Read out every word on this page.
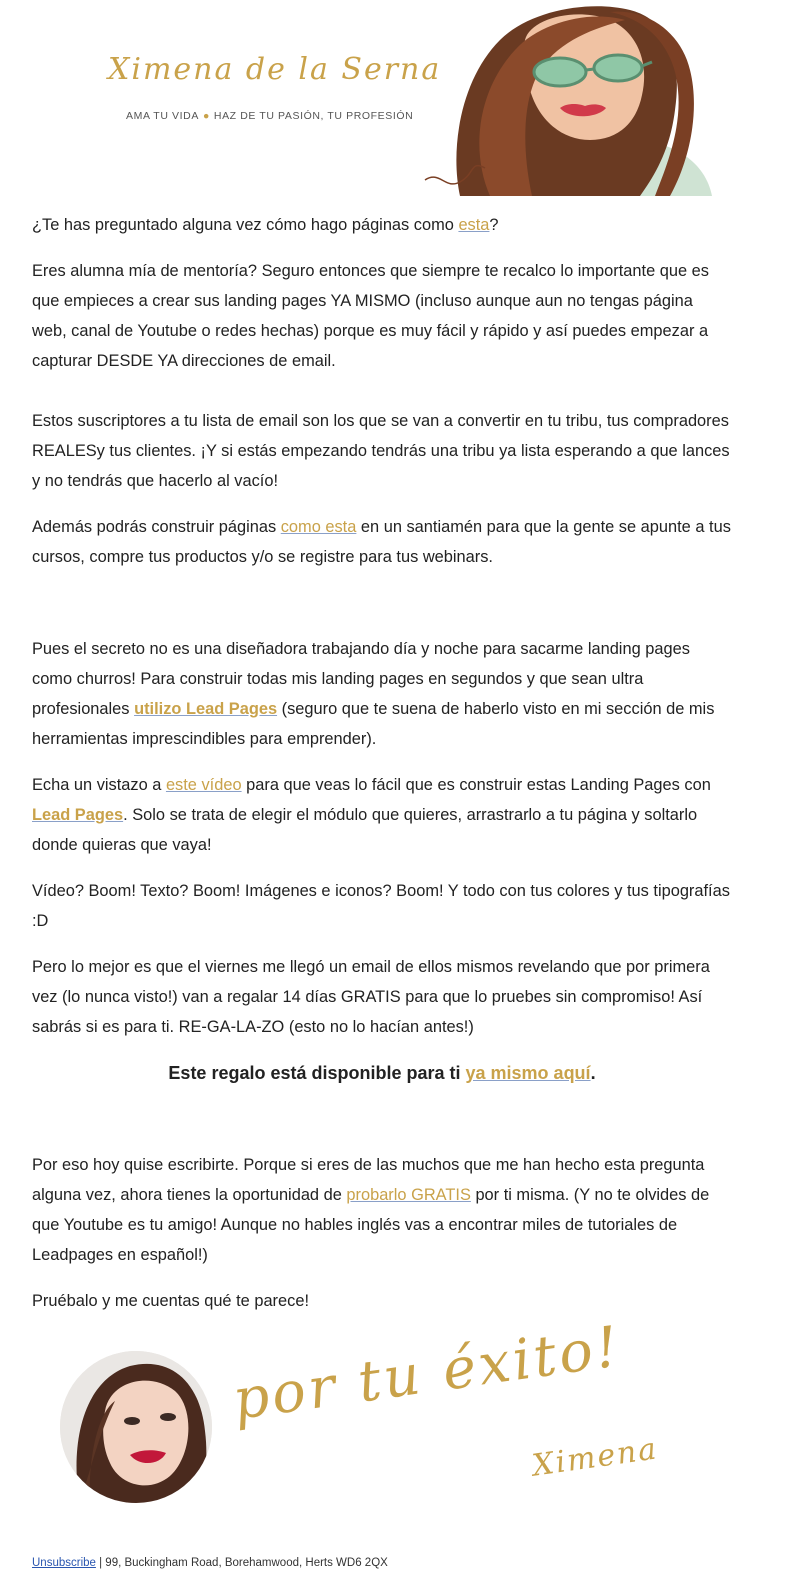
Ximena de la Serna
AMA TU VIDA ● HAZ DE TU PASIÓN, TU PROFESIÓN

¿Te has preguntado alguna vez cómo hago páginas como esta?

Eres alumna mía de mentoría? Seguro entonces que siempre te recalco lo importante que es que empieces a crear sus landing pages YA MISMO (incluso aunque aun no tengas página web, canal de Youtube o redes hechas) porque es muy fácil y rápido y así puedes empezar a capturar DESDE YA direcciones de email.

Estos suscriptores a tu lista de email son los que se van a convertir en tu tribu, tus compradores REALESy tus clientes. ¡Y si estás empezando tendrás una tribu ya lista esperando a que lances y no tendrás que hacerlo al vacío!

Además podrás construir páginas como esta en un santiamén para que la gente se apunte a tus cursos, compre tus productos y/o se registre para tus webinars.

Pues el secreto no es una diseñadora trabajando día y noche para sacarme landing pages como churros! Para construir todas mis landing pages en segundos y que sean ultra profesionales utilizo Lead Pages (seguro que te suena de haberlo visto en mi sección de mis herramientas imprescindibles para emprender).

Echa un vistazo a este vídeo para que veas lo fácil que es construir estas Landing Pages con Lead Pages. Solo se trata de elegir el módulo que quieres, arrastrarlo a tu página y soltarlo donde quieras que vaya!

Vídeo? Boom! Texto? Boom! Imágenes e iconos? Boom! Y todo con tus colores y tus tipografías :D

Pero lo mejor es que el viernes me llegó un email de ellos mismos revelando que por primera vez (lo nunca visto!) van a regalar 14 días GRATIS para que lo pruebes sin compromiso! Así sabrás si es para ti. RE-GA-LA-ZO (esto no lo hacían antes!)

Este regalo está disponible para ti ya mismo aquí.

Por eso hoy quise escribirte. Porque si eres de las muchos que me han hecho esta pregunta alguna vez, ahora tienes la oportunidad de probarlo GRATIS por ti misma. (Y no te olvides de que Youtube es tu amigo! Aunque no hables inglés vas a encontrar miles de tutoriales de Leadpages en español!)

Pruébalo y me cuentas qué te parece!

por tu éxito!
Ximena
Unsubscribe | 99, Buckingham Road, Borehamwood, Herts WD6 2QX
